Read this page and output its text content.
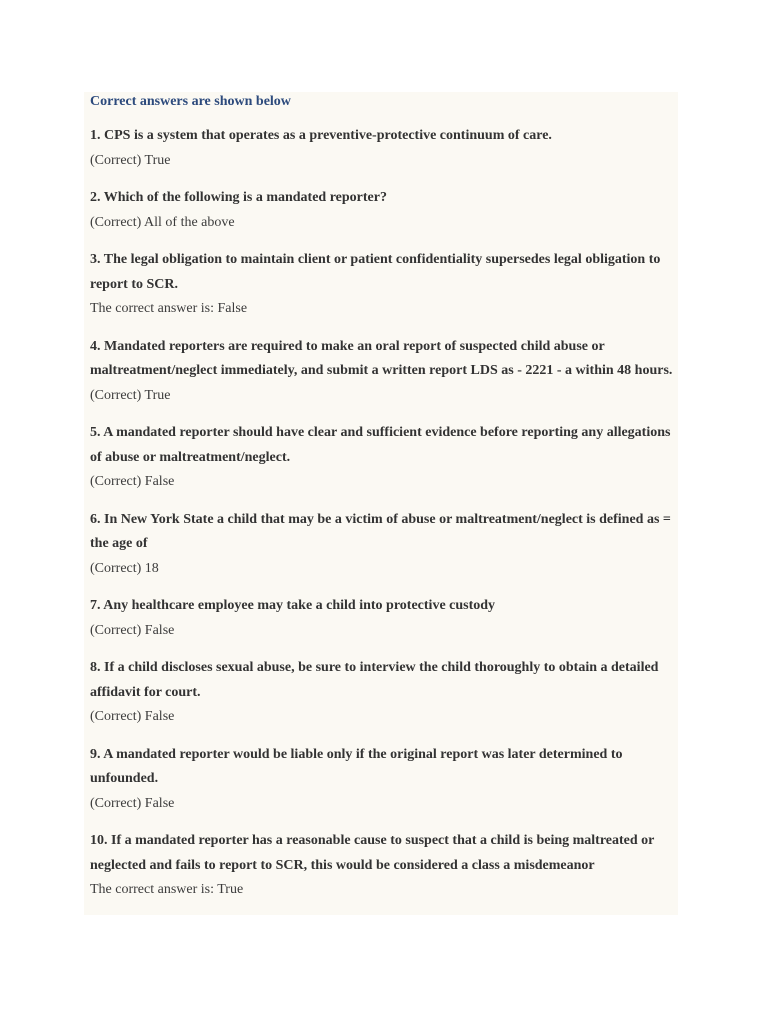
Correct answers are shown below

1. CPS is a system that operates as a preventive-protective continuum of care.

(Correct) True

2. Which of the following is a mandated reporter?

(Correct) All of the above

3. The legal obligation to maintain client or patient confidentiality supersedes legal obligation to report to SCR.

The correct answer is: False

4. Mandated reporters are required to make an oral report of suspected child abuse or maltreatment/neglect immediately, and submit a written report LDS as - 2221 - a within 48 hours.

(Correct) True

5. A mandated reporter should have clear and sufficient evidence before reporting any allegations of abuse or maltreatment/neglect.

(Correct) False

6. In New York State a child that may be a victim of abuse or maltreatment/neglect is defined as = the age of

(Correct) 18

7. Any healthcare employee may take a child into protective custody

(Correct) False

8. If a child discloses sexual abuse, be sure to interview the child thoroughly to obtain a detailed affidavit for court.

(Correct) False

9. A mandated reporter would be liable only if the original report was later determined to unfounded.

(Correct) False

10. If a mandated reporter has a reasonable cause to suspect that a child is being maltreated or neglected and fails to report to SCR, this would be considered a class a misdemeanor

The correct answer is: True
